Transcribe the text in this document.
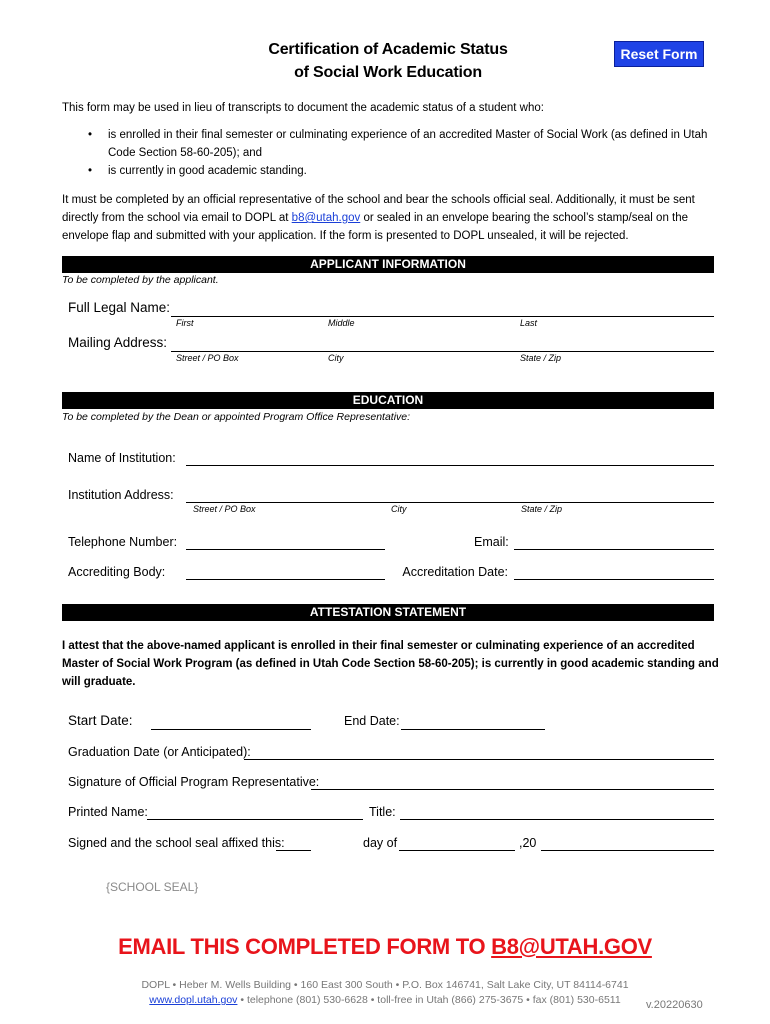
Certification of Academic Status
of Social Work Education
Reset Form
This form may be used in lieu of transcripts to document the academic status of a student who:
• is enrolled in their final semester or culminating experience of an accredited Master of Social Work (as defined in Utah Code Section 58-60-205); and
• is currently in good academic standing.
It must be completed by an official representative of the school and bear the schools official seal. Additionally, it must be sent directly from the school via email to DOPL at b8@utah.gov or sealed in an envelope bearing the school’s stamp/seal on the envelope flap and submitted with your application. If the form is presented to DOPL unsealed, it will be rejected.
APPLICANT INFORMATION
To be completed by the applicant.
Full Legal Name:
First	Middle	Last
Mailing Address:
Street / PO Box	City	State / Zip
EDUCATION
To be completed by the Dean or appointed Program Office Representative:
Name of Institution:
Institution Address:
Street / PO Box	City	State / Zip
Telephone Number:	Email:
Accrediting Body:	Accreditation Date:
ATTESTATION STATEMENT
I attest that the above-named applicant is enrolled in their final semester or culminating experience of an accredited Master of Social Work Program (as defined in Utah Code Section 58-60-205); is currently in good academic standing and will graduate.
Start Date:	End Date:
Graduation Date (or Anticipated):
Signature of Official Program Representative:
Printed Name:	Title:
Signed and the school seal affixed this:	day of	,20
{SCHOOL SEAL}
EMAIL THIS COMPLETED FORM TO B8@UTAH.GOV
DOPL • Heber M. Wells Building • 160 East 300 South • P.O. Box 146741, Salt Lake City, UT 84114-6741
www.dopl.utah.gov • telephone (801) 530-6628 • toll-free in Utah (866) 275-3675 • fax (801) 530-6511	v.20220630
